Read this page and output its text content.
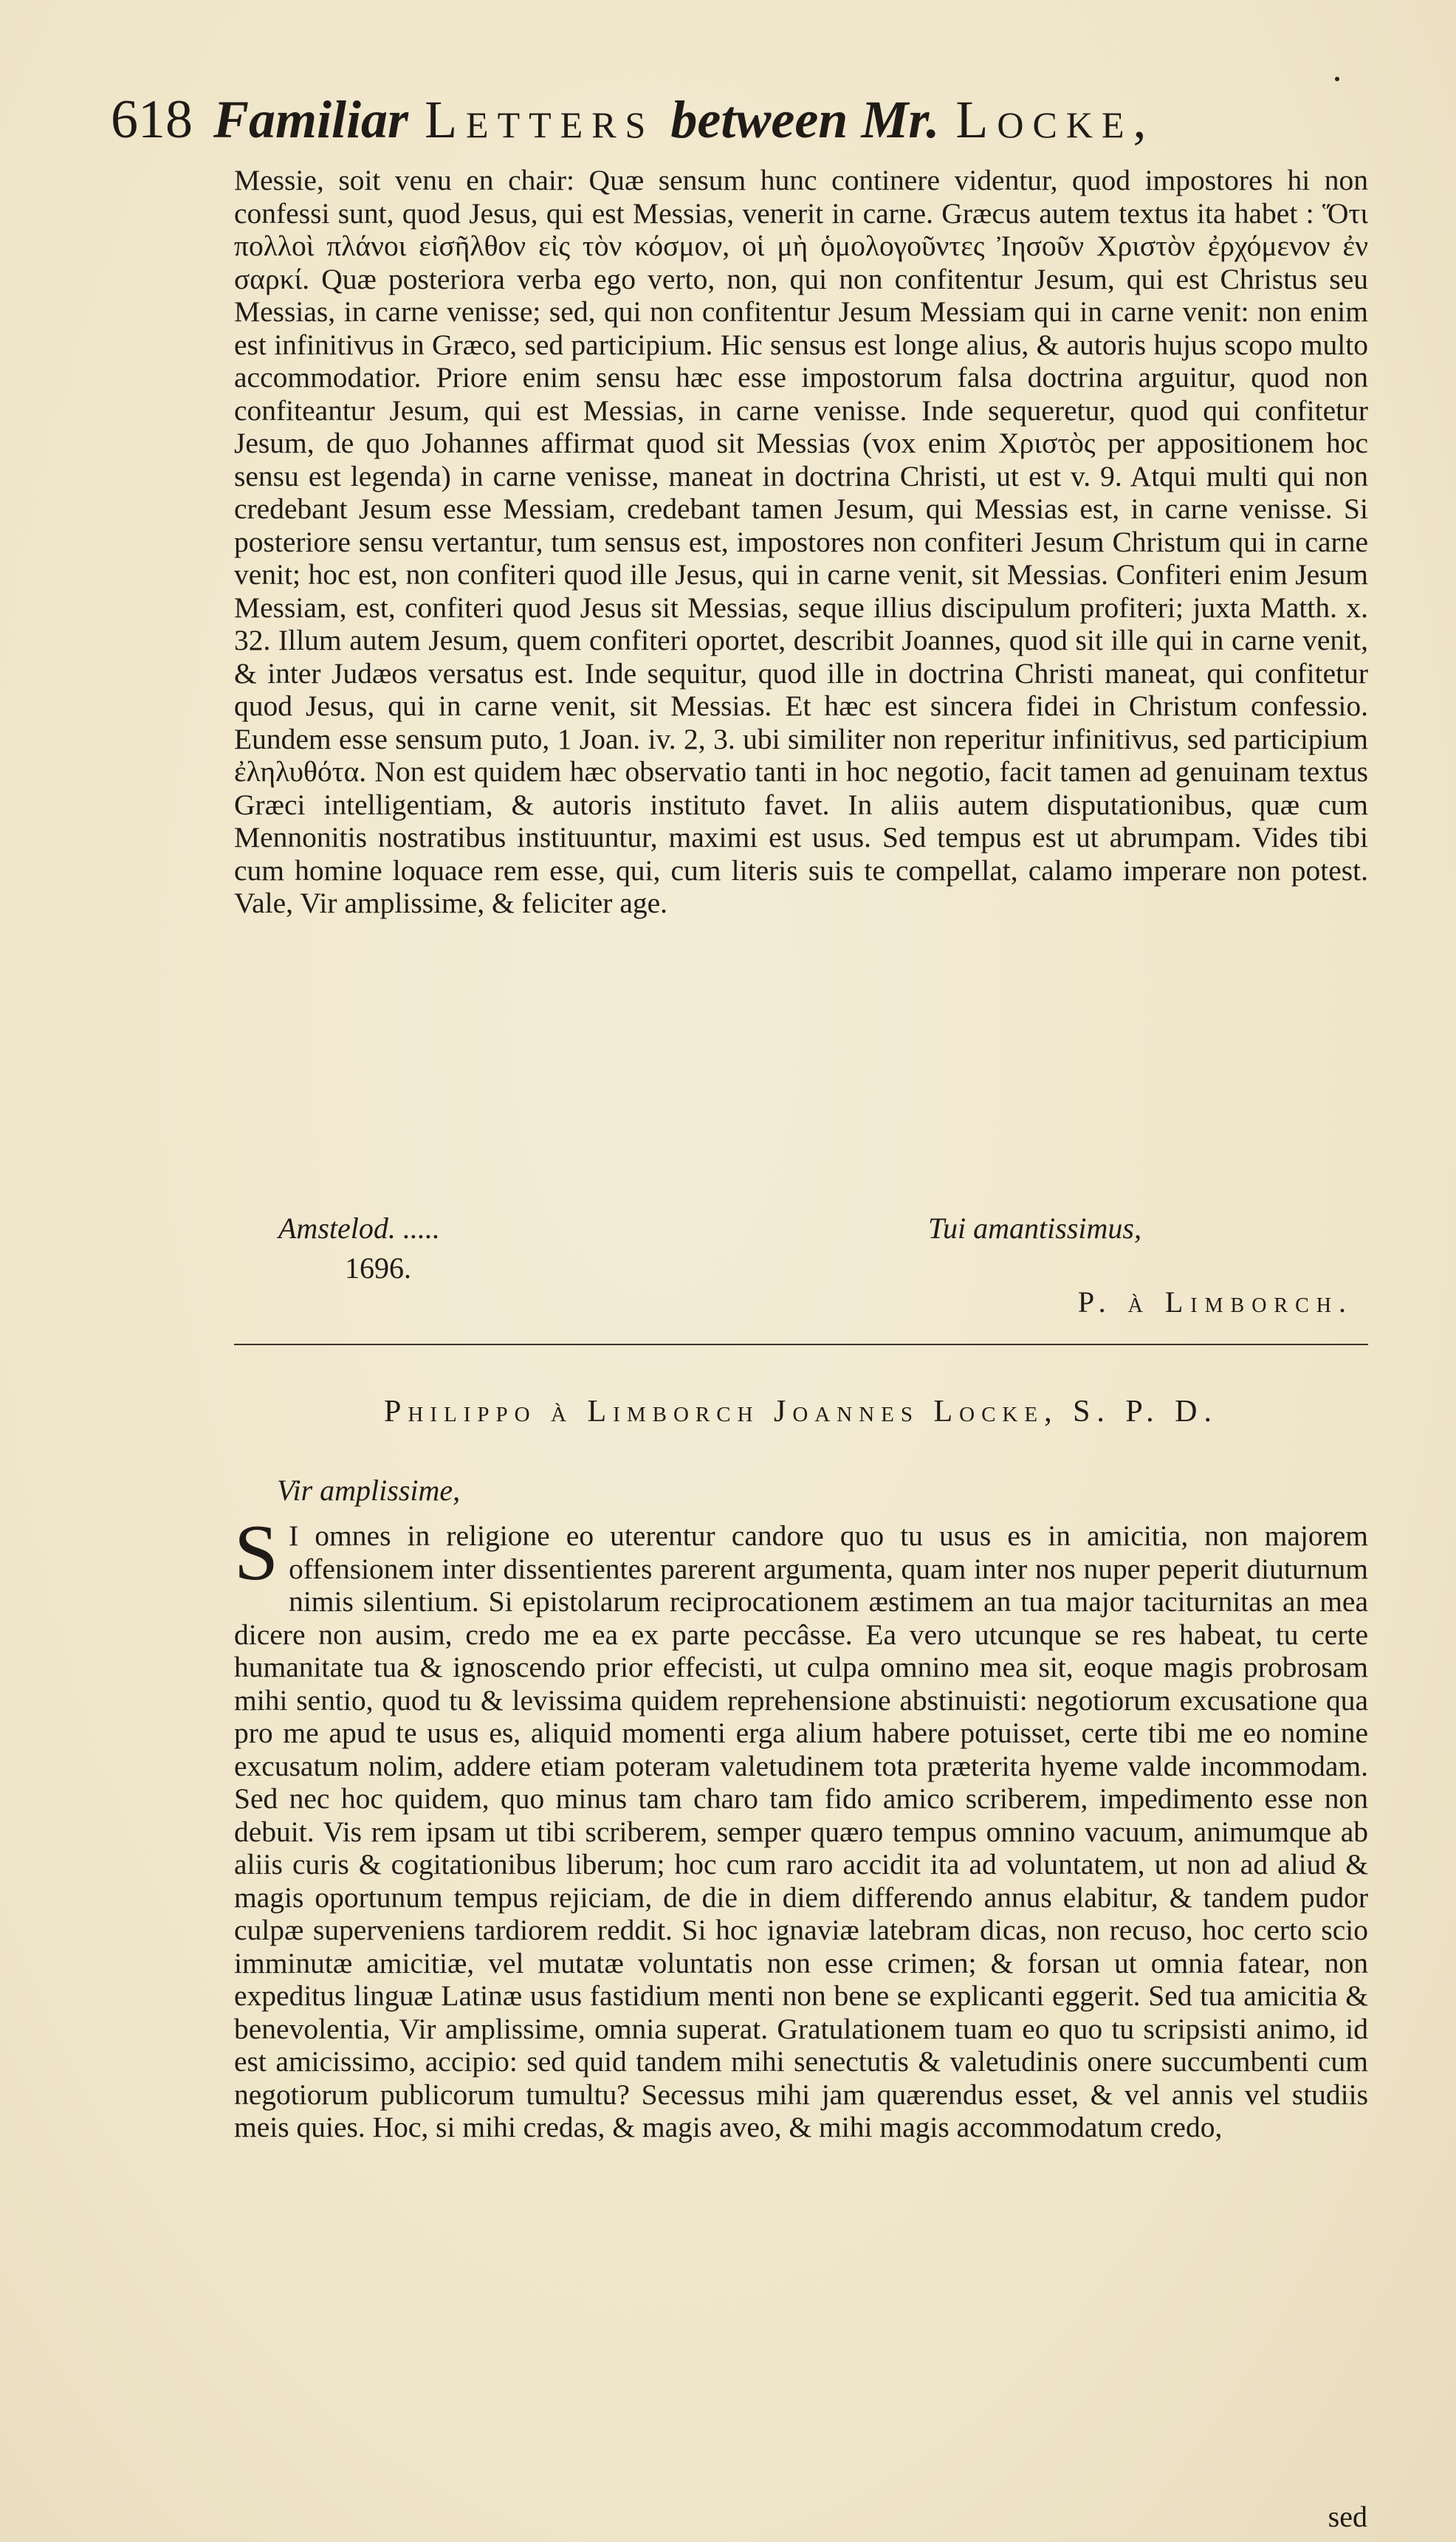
618 Familiar Letters between Mr. Locke,
Messie, soit venu en chair: Quæ sensum hunc continere videntur, quod impostores hi non confessi sunt, quod Jesus, qui est Messias, venerit in carne. Græcus autem textus ita habet : Ὅτι πολλοὶ πλάνοι εἰσῆλθον εἰς τὸν κόσμον, οἱ μὴ ὁμολογοῦντες Ἰησοῦν Χριστὸν ἐρχόμενον ἐν σαρκί. Quæ posteriora verba ego verto, non, qui non confitentur Jesum, qui est Christus seu Messias, in carne venisse; sed, qui non confitentur Jesum Messiam qui in carne venit: non enim est infinitivus in Græco, sed participium. Hic sensus est longe alius, & autoris hujus scopo multo accommodatior. Priore enim sensu hæc esse impostorum falsa doctrina arguitur, quod non confiteantur Jesum, qui est Messias, in carne venisse. Inde sequeretur, quod qui confitetur Jesum, de quo Johannes affirmat quod sit Messias (vox enim Χριστὸς per appositionem hoc sensu est legenda) in carne venisse, maneat in doctrina Christi, ut est v. 9. Atqui multi qui non credebant Jesum esse Messiam, credebant tamen Jesum, qui Messias est, in carne venisse. Si posteriore sensu vertantur, tum sensus est, impostores non confiteri Jesum Christum qui in carne venit; hoc est, non confiteri quod ille Jesus, qui in carne venit, sit Messias. Confiteri enim Jesum Messiam, est, confiteri quod Jesus sit Messias, seque illius discipulum profiteri; juxta Matth. x. 32. Illum autem Jesum, quem confiteri oportet, describit Joannes, quod sit ille qui in carne venit, & inter Judæos versatus est. Inde sequitur, quod ille in doctrina Christi maneat, qui confitetur quod Jesus, qui in carne venit, sit Messias. Et hæc est sincera fidei in Christum confessio. Eundem esse sensum puto, 1 Joan. iv. 2, 3. ubi similiter non reperitur infinitivus, sed participium ἐληλυθότα. Non est quidem hæc observatio tanti in hoc negotio, facit tamen ad genuinam textus Græci intelligentiam, & autoris instituto favet. In aliis autem disputationibus, quæ cum Mennonitis nostratibus instituuntur, maximi est usus. Sed tempus est ut abrumpam. Vides tibi cum homine loquace rem esse, qui, cum literis suis te compellat, calamo imperare non potest. Vale, Vir amplissime, & feliciter age.
Amstelod. .....
1696.
Tui amantissimus,
P. à Limborch.
Philippo à Limborch Joannes Locke, S. P. D.
Vir amplissime,
S I omnes in religione eo uterentur candore quo tu usus es in amicitia, non majorem offensionem inter dissentientes parerent argumenta, quam inter nos nuper peperit diuturnum nimis silentium. Si epistolarum reciprocationem æstimem an tua major taciturnitas an mea dicere non ausim, credo me ea ex parte peccâsse. Ea vero utcunque se res habeat, tu certe humanitate tua & ignoscendo prior effecisti, ut culpa omnino mea sit, eoque magis probrosam mihi sentio, quod tu & levissima quidem reprehensione abstinuisti: negotiorum excusatione qua pro me apud te usus es, aliquid momenti erga alium habere potuisset, certe tibi me eo nomine excusatum nolim, addere etiam poteram valetudinem tota præterita hyeme valde incommodam. Sed nec hoc quidem, quo minus tam charo tam fido amico scriberem, impedimento esse non debuit. Vis rem ipsam ut tibi scriberem, semper quæro tempus omnino vacuum, animumque ab aliis curis & cogitationibus liberum; hoc cum raro accidit ita ad voluntatem, ut non ad aliud & magis oportunum tempus rejiciam, de die in diem differendo annus elabitur, & tandem pudor culpæ superveniens tardiorem reddit. Si hoc ignaviæ latebram dicas, non recuso, hoc certo scio imminutæ amicitiæ, vel mutatæ voluntatis non esse crimen; & forsan ut omnia fatear, non expeditus linguæ Latinæ usus fastidium menti non bene se explicanti eggerit. Sed tua amicitia & benevolentia, Vir amplissime, omnia superat. Gratulationem tuam eo quo tu scripsisti animo, id est amicissimo, accipio: sed quid tandem mihi senectutis & valetudinis onere succumbenti cum negotiorum publicorum tumultu? Secessus mihi jam quærendus esset, & vel annis vel studiis meis quies. Hoc, si mihi credas, & magis aveo, & mihi magis accommodatum credo,
sed
